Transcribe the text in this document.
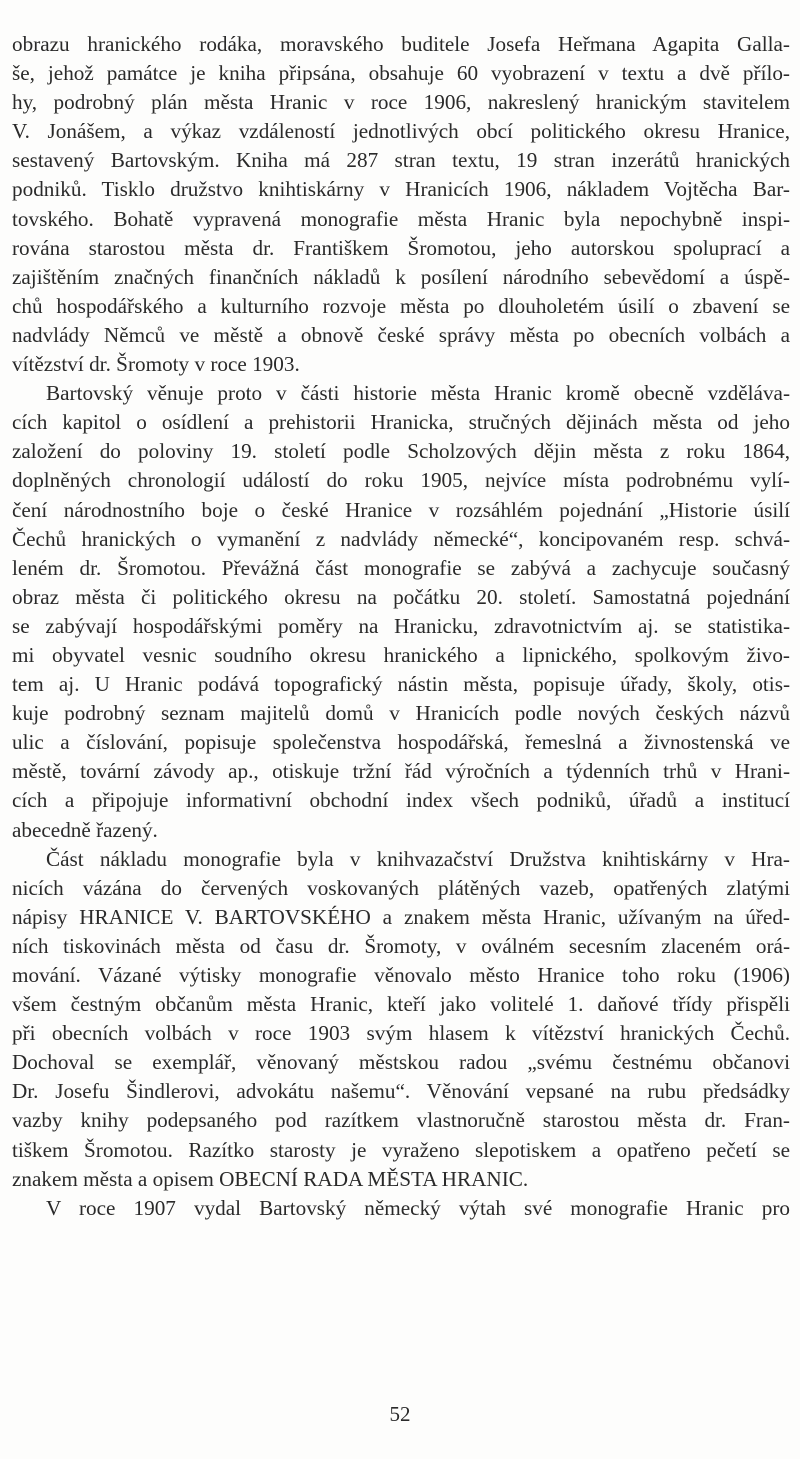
obrazu hranického rodáka, moravského buditele Josefa Heřmana Agapita Galla-
še, jehož památce je kniha připsána, obsahuje 60 vyobrazení v textu a dvě přílo-
hy, podrobný plán města Hranic v roce 1906, nakreslený hranickým stavitelem
V. Jonášem, a výkaz vzdáleností jednotlivých obcí politického okresu Hranice,
sestavený Bartovským. Kniha má 287 stran textu, 19 stran inzerátů hranických
podniků. Tisklo družstvo knihtiskárny v Hranicích 1906, nákladem Vojtěcha Bar-
tovského. Bohatě vypravená monografie města Hranic byla nepochybně inspi-
rována starostou města dr. Františkem Šromotou, jeho autorskou spoluprací a
zajištěním značných finančních nákladů k posílení národního sebevědomí a úspě-
chů hospodářského a kulturního rozvoje města po dlouholetém úsilí o zbavení se
nadvlády Němců ve městě a obnově české správy města po obecních volbách a
vítězství dr. Šromoty v roce 1903.
Bartovský věnuje proto v části historie města Hranic kromě obecně vzděláva-
cích kapitol o osídlení a prehistorii Hranicka, stručných dějinách města od jeho
založení do poloviny 19. století podle Scholzových dějin města z roku 1864,
doplněných chronologií událostí do roku 1905, nejvíce místa podrobnému vylí-
čení národnostního boje o české Hranice v rozsáhlém pojednání „Historie úsilí
Čechů hranických o vymanění z nadvlády německé“, koncipovaném resp. schvá-
leném dr. Šromotou. Převážná část monografie se zabývá a zachycuje současný
obraz města či politického okresu na počátku 20. století. Samostatná pojednání
se zabývají hospodářskými poměry na Hranicku, zdravotnictvím aj. se statistika-
mi obyvatel vesnic soudního okresu hranického a lipnického, spolkovým živo-
tem aj. U Hranic podává topografický nástin města, popisuje úřady, školy, otis-
kuje podrobný seznam majitelů domů v Hranicích podle nových českých názvů
ulic a číslování, popisuje společenstva hospodářská, řemeslná a živnostenská ve
městě, tovární závody ap., otiskuje tržní řád výročních a týdenních trhů v Hrani-
cích a připojuje informativní obchodní index všech podniků, úřadů a institucí
abecedně řazený.
Část nákladu monografie byla v knihvazačství Družstva knihtiskárny v Hra-
nicích vázána do červených voskovaných plátěných vazeb, opatřených zlatými
nápisy HRANICE V. BARTOVSKÉHO a znakem města Hranic, užívaným na úřed-
ních tiskovinách města od času dr. Šromoty, v oválném secesním zlaceném orá-
mování. Vázané výtisky monografie věnovalo město Hranice toho roku (1906)
všem čestným občanům města Hranic, kteří jako volitelé 1. daňové třídy přispěli
při obecních volbách v roce 1903 svým hlasem k vítězství hranických Čechů.
Dochoval se exemplář, věnovaný městskou radou „svému čestnému občanovi
Dr. Josefu Šindlerovi, advokátu našemu“. Věnování vepsané na rubu předsádky
vazby knihy podepsaného pod razítkem vlastnoručně starostou města dr. Fran-
tiškem Šromotou. Razítko starosty je vyraženo slepotiskem a opatřeno pečetí se
znakem města a opisem OBECNÍ RADA MĚSTA HRANIC.
V roce 1907 vydal Bartovský německý výtah své monografie Hranic pro
52
